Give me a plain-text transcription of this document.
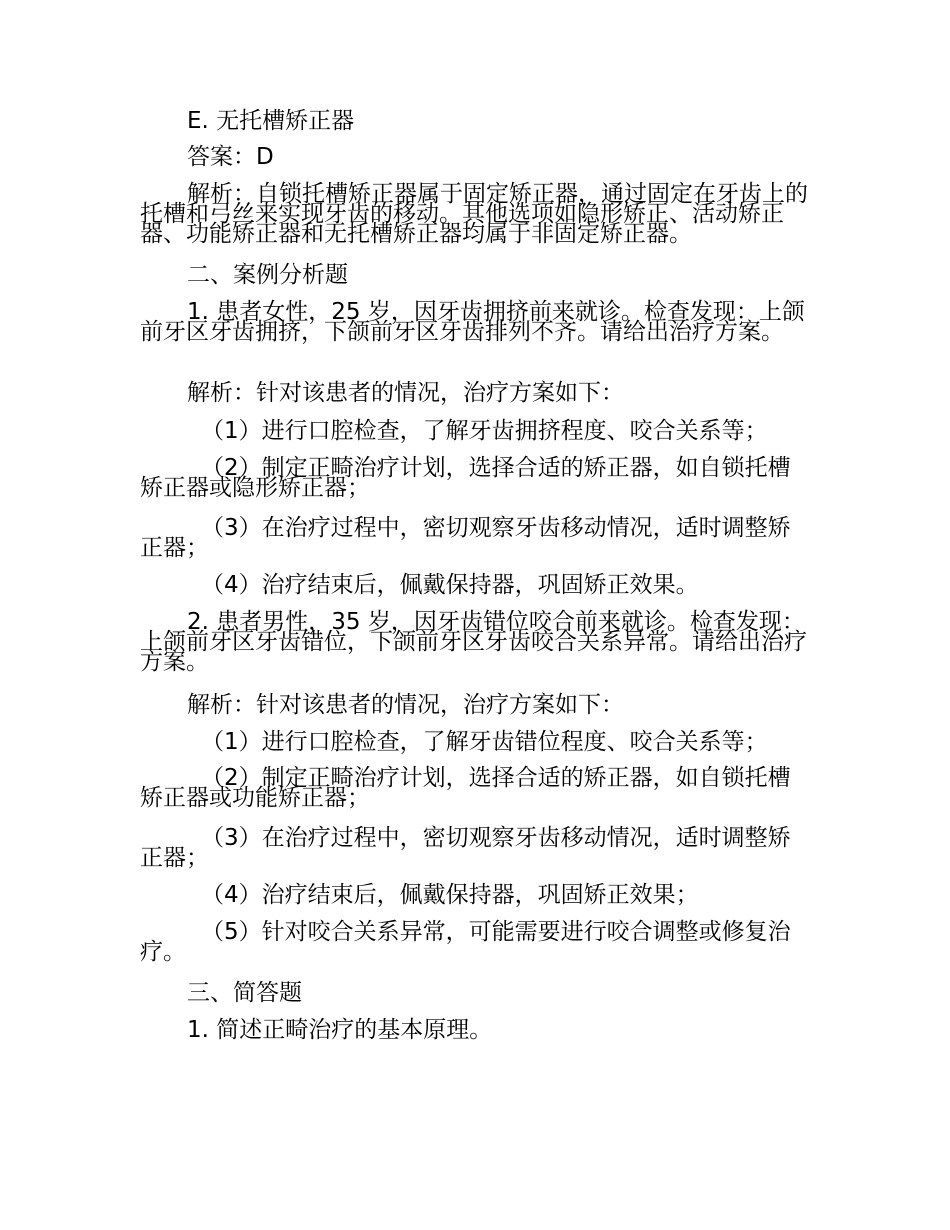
E. 无托槽矫正器

答案：D

解析：自锁托槽矫正器属于固定矫正器，通过固定在牙齿上的托槽和弓丝来实现牙齿的移动。其他选项如隐形矫正、活动矫正器、功能矫正器和无托槽矫正器均属于非固定矫正器。

二、案例分析题

1. 患者女性，25 岁，因牙齿拥挤前来就诊。检查发现：上颌前牙区牙齿拥挤，下颌前牙区牙齿排列不齐。请给出治疗方案。

解析：针对该患者的情况，治疗方案如下：

（1）进行口腔检查，了解牙齿拥挤程度、咬合关系等；

（2）制定正畸治疗计划，选择合适的矫正器，如自锁托槽矫正器或隐形矫正器；

（3）在治疗过程中，密切观察牙齿移动情况，适时调整矫正器；

（4）治疗结束后，佩戴保持器，巩固矫正效果。

2. 患者男性，35 岁，因牙齿错位咬合前来就诊。检查发现：上颌前牙区牙齿错位，下颌前牙区牙齿咬合关系异常。请给出治疗方案。

解析：针对该患者的情况，治疗方案如下：

（1）进行口腔检查，了解牙齿错位程度、咬合关系等；

（2）制定正畸治疗计划，选择合适的矫正器，如自锁托槽矫正器或功能矫正器；

（3）在治疗过程中，密切观察牙齿移动情况，适时调整矫正器；

（4）治疗结束后，佩戴保持器，巩固矫正效果；

（5）针对咬合关系异常，可能需要进行咬合调整或修复治疗。

三、简答题

1. 简述正畸治疗的基本原理。
